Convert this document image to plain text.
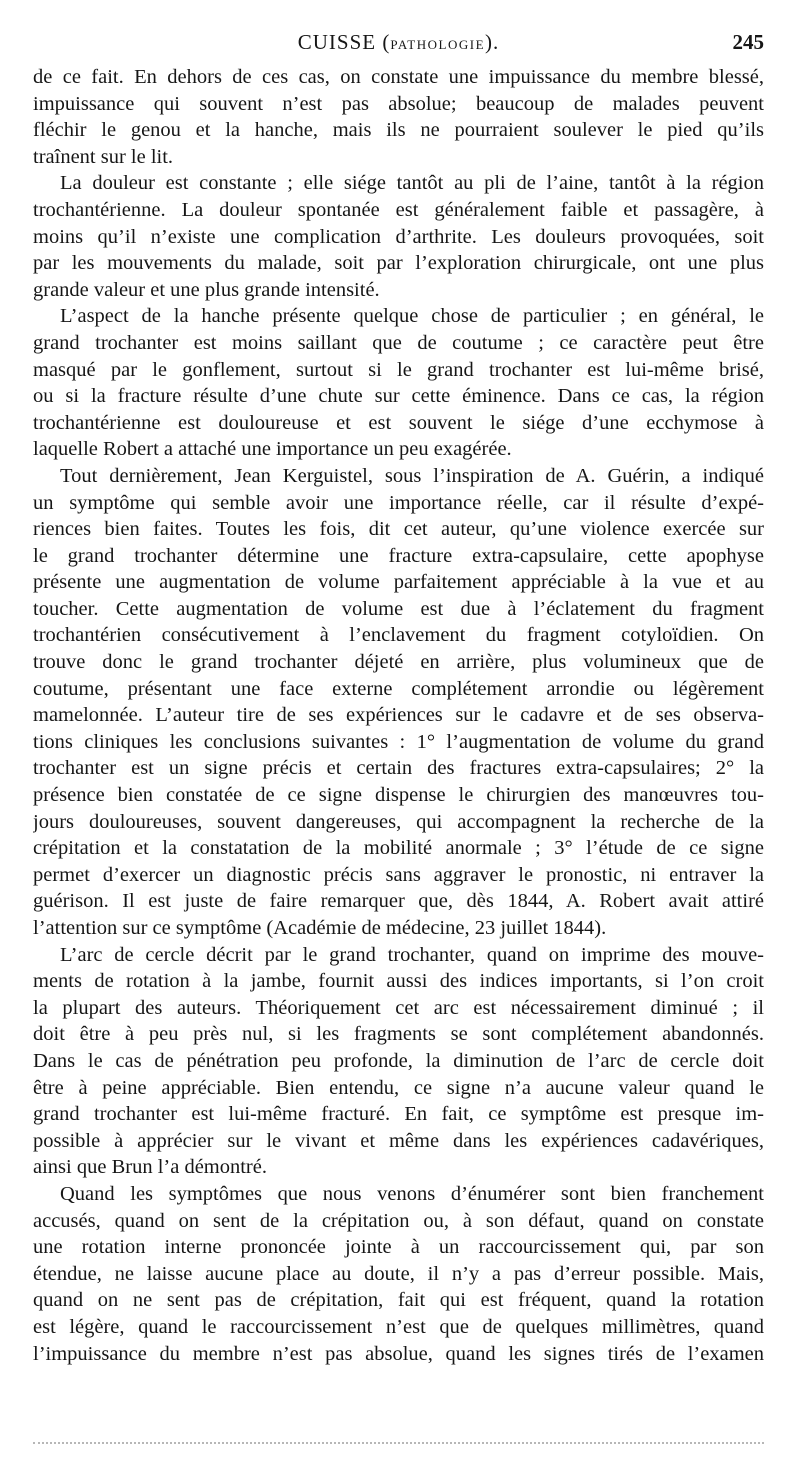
CUISSE (PATHOLOGIE).	245
de ce fait. En dehors de ces cas, on constate une impuissance du membre blessé,
impuissance qui souvent n’est pas absolue; beaucoup de malades peuvent
fléchir le genou et la hanche, mais ils ne pourraient soulever le pied qu’ils
traînent sur le lit.
La douleur est constante ; elle siége tantôt au pli de l’aine, tantôt à la région
trochantérienne. La douleur spontanée est généralement faible et passagère, à
moins qu’il n’existe une complication d’arthrite. Les douleurs provoquées, soit
par les mouvements du malade, soit par l’exploration chirurgicale, ont une plus
grande valeur et une plus grande intensité.
L’aspect de la hanche présente quelque chose de particulier ; en général, le
grand trochanter est moins saillant que de coutume ; ce caractère peut être
masqué par le gonflement, surtout si le grand trochanter est lui-même brisé,
ou si la fracture résulte d’une chute sur cette éminence. Dans ce cas, la région
trochantérienne est douloureuse et est souvent le siége d’une ecchymose à
laquelle Robert a attaché une importance un peu exagérée.
Tout dernièrement, Jean Kerguistel, sous l’inspiration de A. Guérin, a indiqué
un symptôme qui semble avoir une importance réelle, car il résulte d’expé-
riences bien faites. Toutes les fois, dit cet auteur, qu’une violence exercée sur
le grand trochanter détermine une fracture extra-capsulaire, cette apophyse
présente une augmentation de volume parfaitement appréciable à la vue et au
toucher. Cette augmentation de volume est due à l’éclatement du fragment
trochantérien consécutivement à l’enclavement du fragment cotyloïdien. On
trouve donc le grand trochanter déjeté en arrière, plus volumineux que de
coutume, présentant une face externe complétement arrondie ou légèrement
mamelonnée. L’auteur tire de ses expériences sur le cadavre et de ses observa-
tions cliniques les conclusions suivantes : 1° l’augmentation de volume du grand
trochanter est un signe précis et certain des fractures extra-capsulaires; 2° la
présence bien constatée de ce signe dispense le chirurgien des manœuvres tou-
jours douloureuses, souvent dangereuses, qui accompagnent la recherche de la
crépitation et la constatation de la mobilité anormale ; 3° l’étude de ce signe
permet d’exercer un diagnostic précis sans aggraver le pronostic, ni entraver la
guérison. Il est juste de faire remarquer que, dès 1844, A. Robert avait attiré
l’attention sur ce symptôme (Académie de médecine, 23 juillet 1844).
L’arc de cercle décrit par le grand trochanter, quand on imprime des mouve-
ments de rotation à la jambe, fournit aussi des indices importants, si l’on croit
la plupart des auteurs. Théoriquement cet arc est nécessairement diminué ; il
doit être à peu près nul, si les fragments se sont complétement abandonnés.
Dans le cas de pénétration peu profonde, la diminution de l’arc de cercle doit
être à peine appréciable. Bien entendu, ce signe n’a aucune valeur quand le
grand trochanter est lui-même fracturé. En fait, ce symptôme est presque im-
possible à apprécier sur le vivant et même dans les expériences cadavériques,
ainsi que Brun l’a démontré.
Quand les symptômes que nous venons d’énumérer sont bien franchement
accusés, quand on sent de la crépitation ou, à son défaut, quand on constate
une rotation interne prononcée jointe à un raccourcissement qui, par son
étendue, ne laisse aucune place au doute, il n’y a pas d’erreur possible. Mais,
quand on ne sent pas de crépitation, fait qui est fréquent, quand la rotation
est légère, quand le raccourcissement n’est que de quelques millimètres, quand
l’impuissance du membre n’est pas absolue, quand les signes tirés de l’examen
